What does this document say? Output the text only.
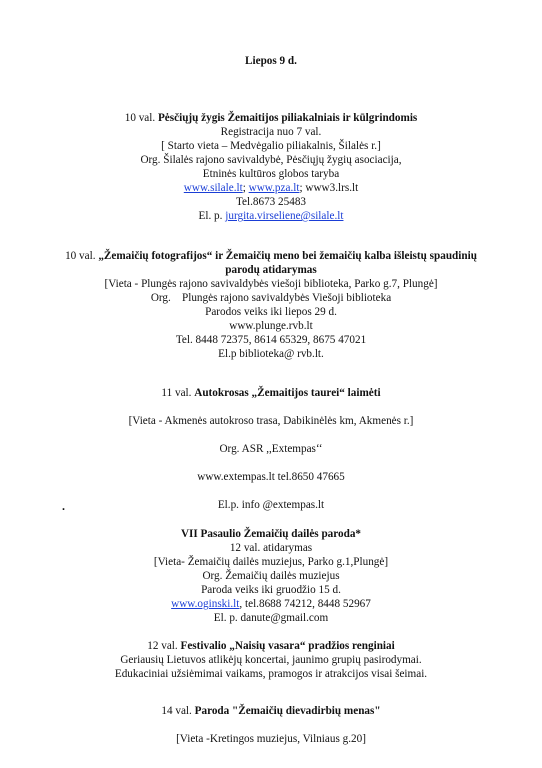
Liepos 9 d.
10 val. Pėsčiųjų žygis Žemaitijos piliakalniais ir kūlgrindomis
Registracija nuo 7 val.
[ Starto vieta – Medvėgalio piliakalnis, Šilalės r.]
Org. Šilalės rajono savivaldybė, Pėsčiųjų žygių asociacija,
Etninės kultūros globos taryba
www.silale.lt; www.pza.lt; www3.lrs.lt
Tel.8673 25483
El. p. jurgita.virseliene@silale.lt
10 val. „Žemaičių fotografijos“ ir Žemaičių meno bei žemaičių kalba išleistų spaudinių
parodų atidarymas
[Vieta - Plungės rajono savivaldybės viešoji biblioteka, Parko g.7, Plungė]
Org.    Plungės rajono savivaldybės Viešoji biblioteka
Parodos veiks iki liepos 29 d.
www.plunge.rvb.lt
Tel. 8448 72375, 8614 65329, 8675 47021
El.p biblioteka@ rvb.lt.
11 val. Autokrosas „Žemaitijos taurei“ laimėti
[Vieta - Akmenės autokroso trasa, Dabikinėlės km, Akmenės r.]
Org. ASR ,,Extempas‘‘
www.extempas.lt tel.8650 47665
El.p. info @extempas.lt
.
VII Pasaulio Žemaičių dailės paroda*
12 val. atidarymas
[Vieta- Žemaičių dailės muziejus, Parko g.1,Plungė]
Org. Žemaičių dailės muziejus
Paroda veiks iki gruodžio 15 d.
www.oginski.lt, tel.8688 74212, 8448 52967
El. p. danute@gmail.com
12 val. Festivalio „Naisių vasara“ pradžios renginiai
Geriausių Lietuvos atlikėjų koncertai, jaunimo grupių pasirodymai.
Edukaciniai užsiėmimai vaikams, pramogos ir atrakcijos visai šeimai.
14 val. Paroda "Žemaičių dievadirbių menas"
[Vieta -Kretingos muziejus, Vilniaus g.20]
